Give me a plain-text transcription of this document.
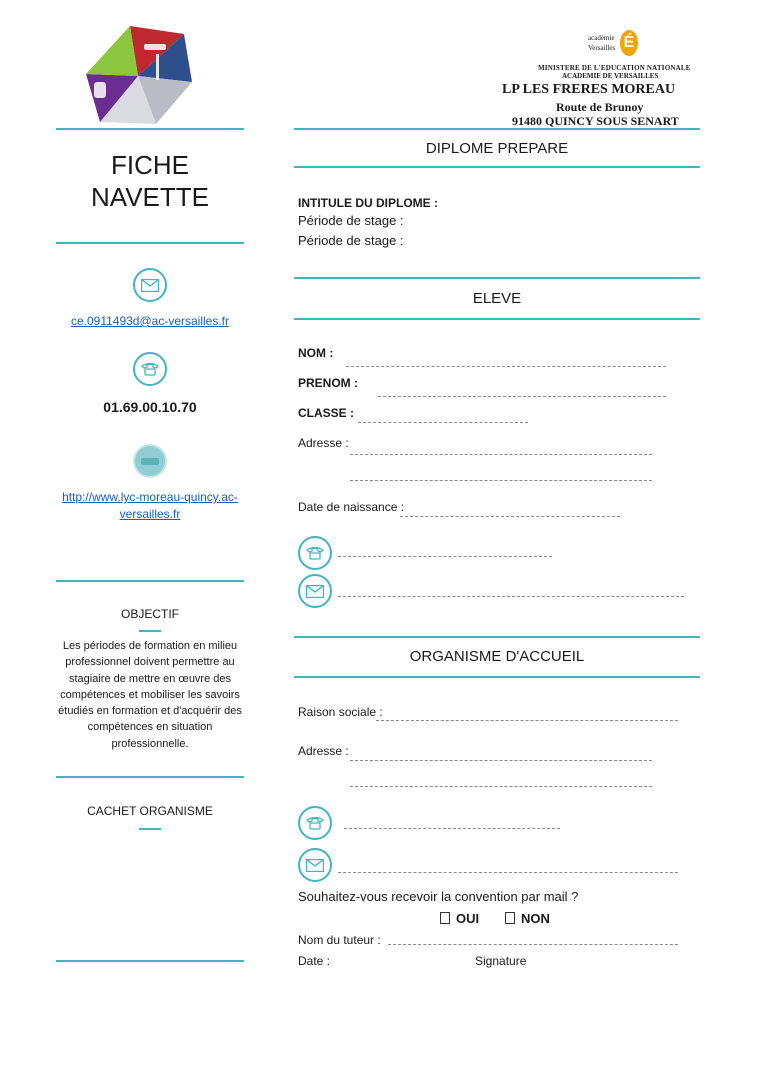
académie
Versailles É
MINISTERE DE L'EDUCATION NATIONALE
ACADEMIE DE VERSAILLES
LP LES FRERES MOREAU
Route de Brunoy
91480 QUINCY SOUS SENART
FICHE
NAVETTE
ce.0911493d@ac-versailles.fr
01.69.00.10.70
http://www.lyc-moreau-quincy.ac-
versailles.fr
OBJECTIF
Les périodes de formation en milieu professionnel doivent permettre au stagiaire de mettre en œuvre des compétences et mobiliser les savoirs étudiés en formation et d'acquérir des compétences en situation professionnelle.
CACHET ORGANISME
DIPLOME PREPARE
INTITULE DU DIPLOME :
Période de stage :
Période de stage :
ELEVE
NOM :
PRENOM :
CLASSE :
Adresse :
Date de naissance :
ORGANISME D'ACCUEIL
Raison sociale :
Adresse :
Souhaitez-vous recevoir la convention par mail ?
OUI	NON
Nom du tuteur :
Date :	Signature
